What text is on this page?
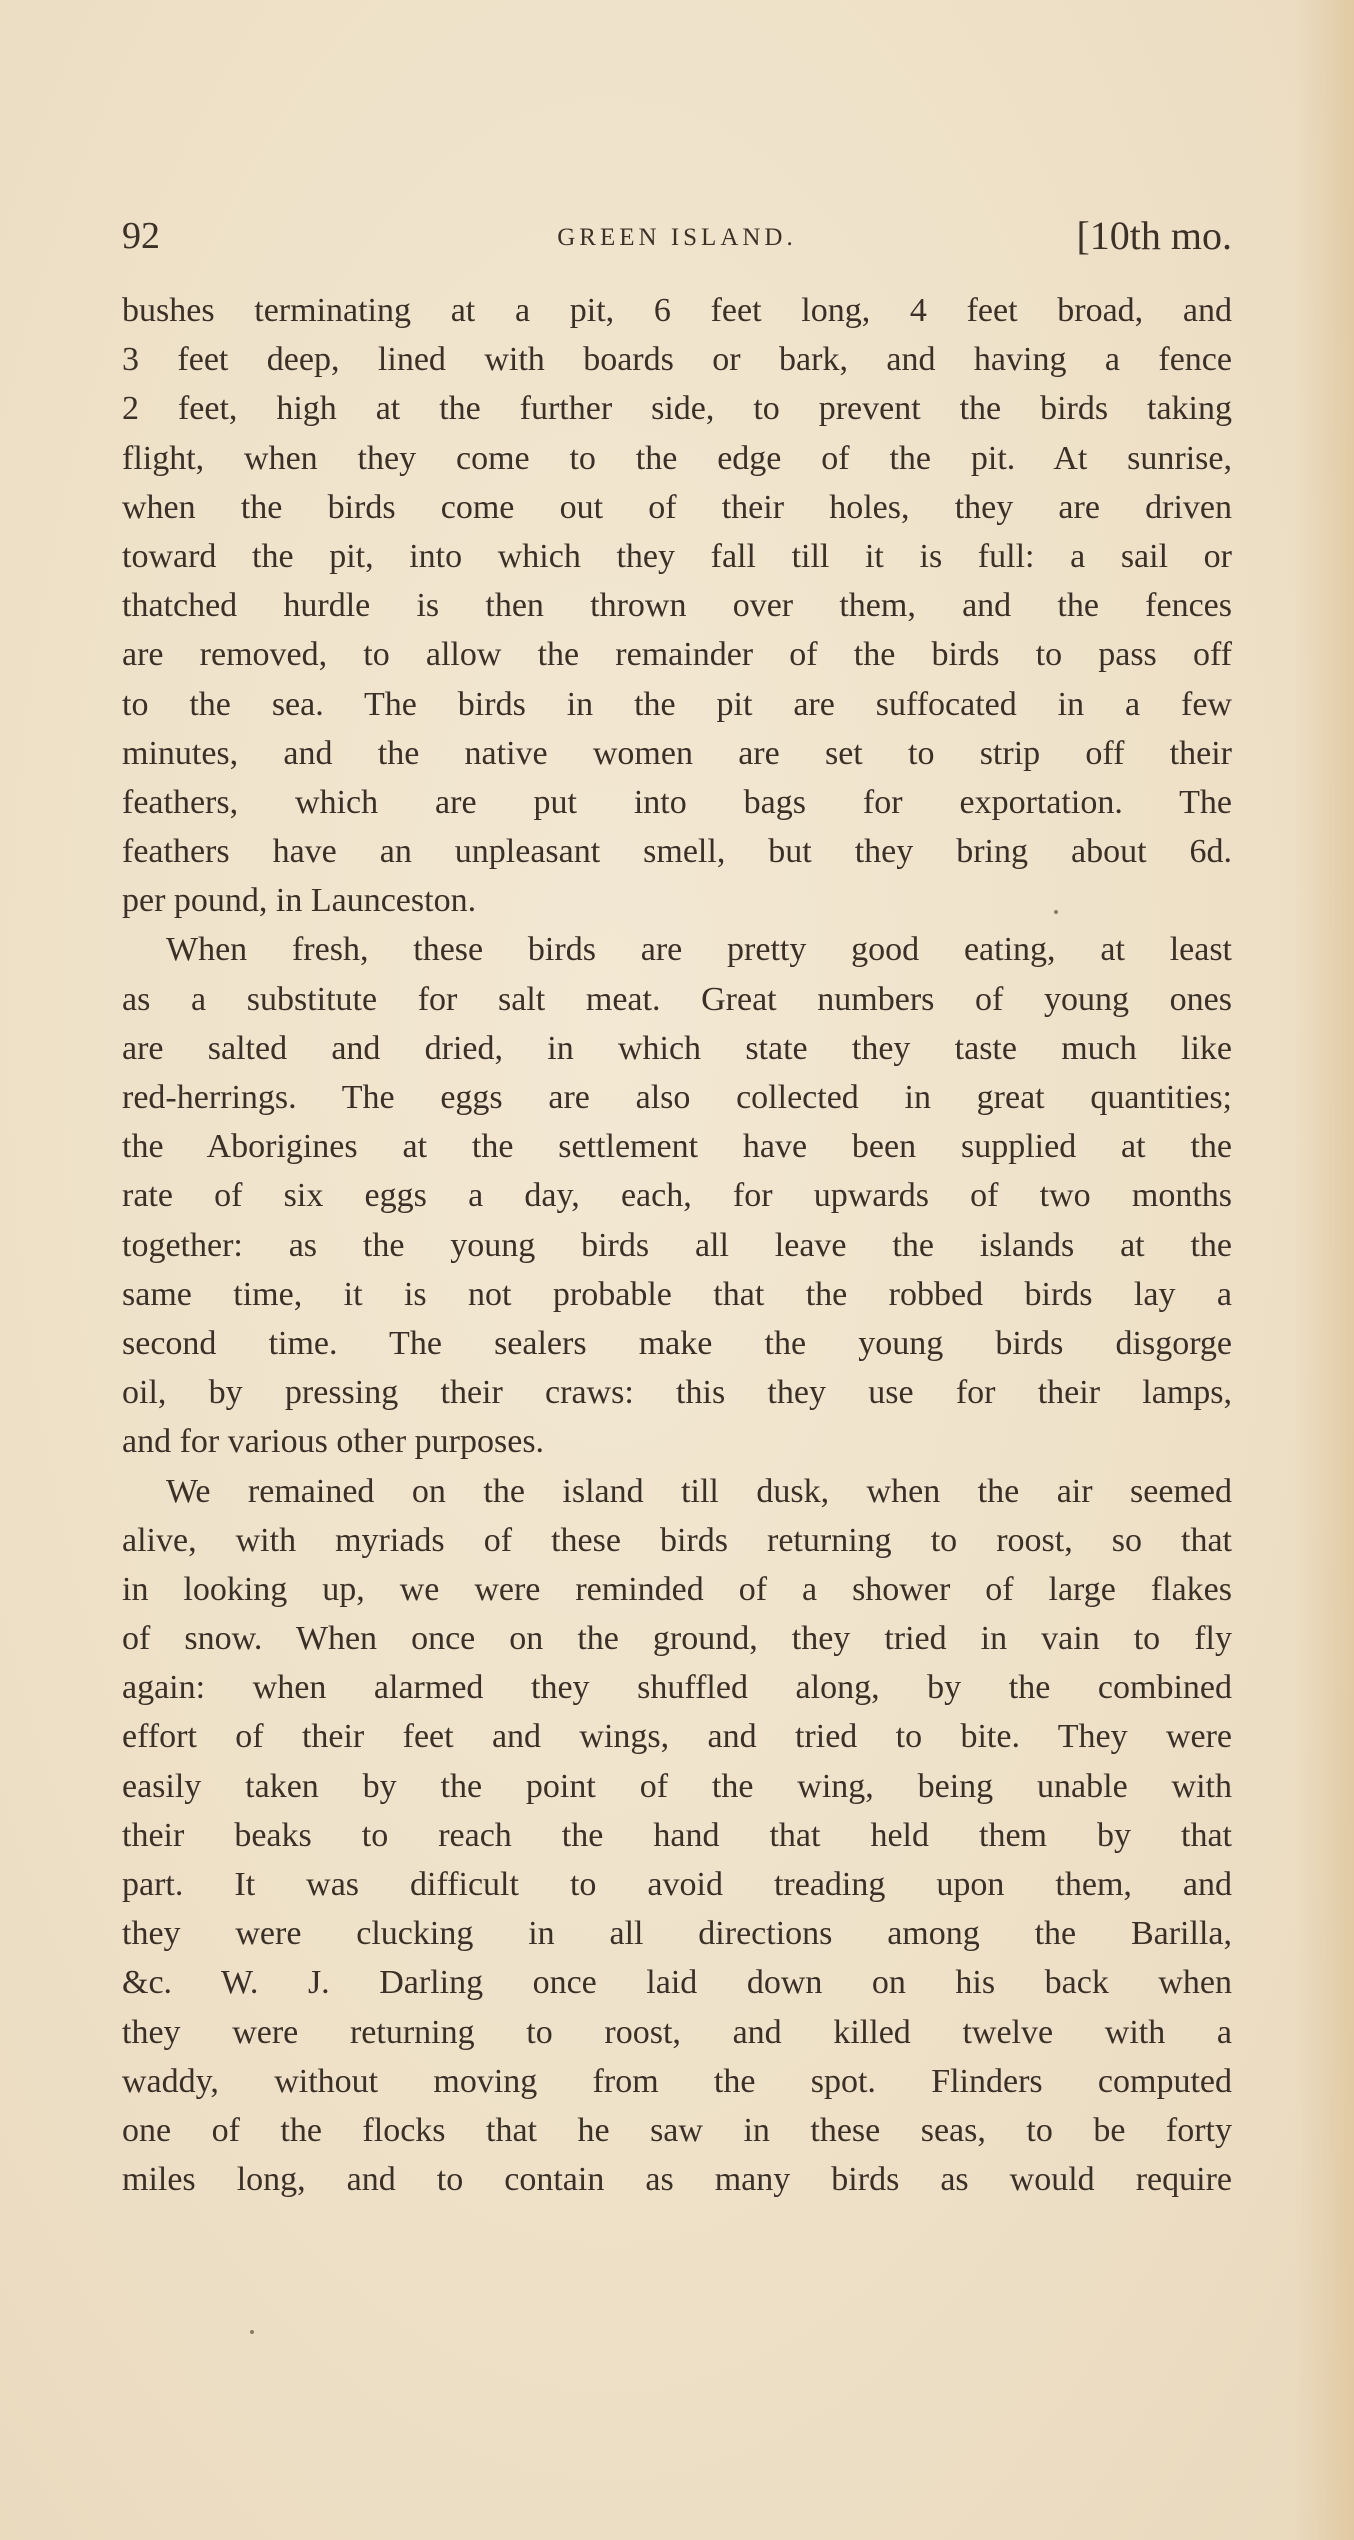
92	GREEN ISLAND.	[10th mo.
bushes terminating at a pit, 6 feet long, 4 feet broad, and
3 feet deep, lined with boards or bark, and having a fence
2 feet, high at the further side, to prevent the birds taking
flight, when they come to the edge of the pit. At sunrise,
when the birds come out of their holes, they are driven
toward the pit, into which they fall till it is full: a sail or
thatched hurdle is then thrown over them, and the fences
are removed, to allow the remainder of the birds to pass off
to the sea. The birds in the pit are suffocated in a few
minutes, and the native women are set to strip off their
feathers, which are put into bags for exportation. The
feathers have an unpleasant smell, but they bring about 6d.
per pound, in Launceston.
When fresh, these birds are pretty good eating, at least
as a substitute for salt meat. Great numbers of young ones
are salted and dried, in which state they taste much like
red-herrings. The eggs are also collected in great quantities;
the Aborigines at the settlement have been supplied at the
rate of six eggs a day, each, for upwards of two months
together: as the young birds all leave the islands at the
same time, it is not probable that the robbed birds lay a
second time. The sealers make the young birds disgorge
oil, by pressing their craws: this they use for their lamps,
and for various other purposes.
We remained on the island till dusk, when the air seemed
alive, with myriads of these birds returning to roost, so that
in looking up, we were reminded of a shower of large flakes
of snow. When once on the ground, they tried in vain to fly
again: when alarmed they shuffled along, by the combined
effort of their feet and wings, and tried to bite. They were
easily taken by the point of the wing, being unable with
their beaks to reach the hand that held them by that
part. It was difficult to avoid treading upon them, and
they were clucking in all directions among the Barilla,
&c. W. J. Darling once laid down on his back when
they were returning to roost, and killed twelve with a
waddy, without moving from the spot. Flinders computed
one of the flocks that he saw in these seas, to be forty
miles long, and to contain as many birds as would require
